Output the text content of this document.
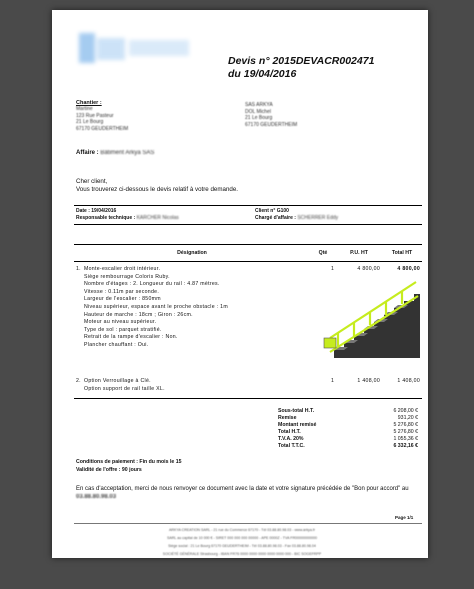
Devis n° 2015DEVACR002471
du 19/04/2016
Chantier :
Martine
123 Rue Pasteur
21 Le Bourg
67170 GEUDERTHEIM
SAS ARKYA
DOL Michel
21 Le Bourg
67170 GEUDERTHEIM
Affaire : Bâtiment Arkya SAS
Cher client,
Vous trouverez ci-dessous le devis relatif à votre demande.
Date : 19/04/2016
Responsable technique : KARCHER Nicolas
Client n° G100
Chargé d'affaire : SCHERRER Eddy
Désignation	Qté	P.U. HT	Total HT
1. Monte-escalier droit intérieur.
Siège rembourrage Coloris Ruby.
Nombre d'étages : 2. Longueur du rail : 4.87 mètres.
Vitesse : 0.11m par seconde.
Largeur de l'escalier : 850mm
Niveau supérieur, espace avant le proche obstacle : 1m
Hauteur de marche : 18cm ; Giron : 26cm.
Moteur au niveau supérieur.
Type de sol : parquet stratifié.
Retrait de la rampe d'escalier : Non.
Plancher chauffant : Oui.
1	4 800,00	4 800,00
2. Option Verrouillage à Clé.
Option support de rail taille XL.
1	1 408,00	1 408,00
Sous-total H.T.	6 208,00 €
Remise	931,20 €
Montant remisé	5 276,80 €
Total H.T.	5 276,80 €
T.V.A. 20%	1 055,36 €
Total T.T.C.	6 332,16 €
Conditions de paiement : Fin du mois le 15
Validité de l'offre : 90 jours
En cas d'acceptation, merci de nous renvoyer ce document avec la date et votre signature précédée de "Bon pour accord" au 03.88.80.98.03
Page 1/1
ARKYA CREATION SARL - 21 rue du Commerce 67170 - Tél 03.88.80.98.03 - www.arkya.fr
SARL au capital de 10 000 € - SIRET 000 000 000 00000 - APE 0000Z - TVA FR00000000000
Siège social : 21 Le Bourg 67170 GEUDERTHEIM - Tél 03.88.80.98.03 - Fax 03.88.80.98.04
SOCIÉTÉ GÉNÉRALE Strasbourg - IBAN FR76 0000 0000 0000 0000 0000 000 - BIC SOGEFRPP
